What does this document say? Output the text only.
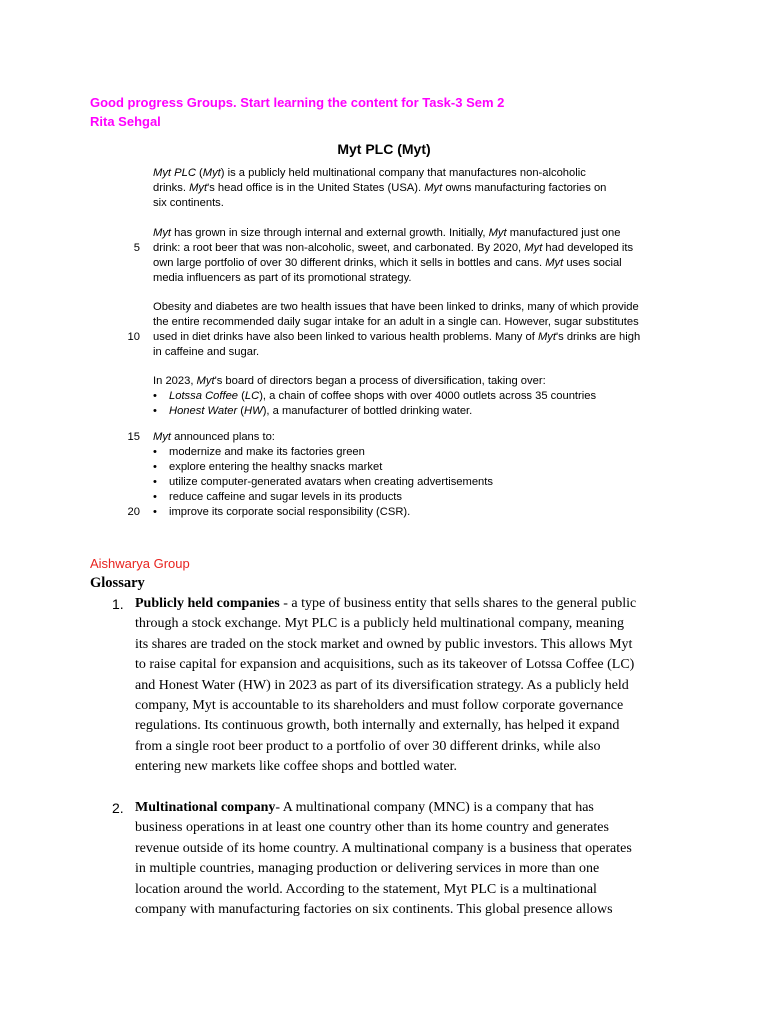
Good progress Groups. Start learning the content for Task-3 Sem 2
Rita Sehgal
Myt PLC (Myt)

Myt PLC (Myt) is a publicly held multinational company that manufactures non-alcoholic

drinks. Myt's head office is in the United States (USA). Myt owns manufacturing factories on

six continents.

Myt has grown in size through internal and external growth. Initially, Myt manufactured just one

drink: a root beer that was non-alcoholic, sweet, and carbonated. By 2020, Myt had developed its

own large portfolio of over 30 different drinks, which it sells in bottles and cans. Myt uses social

media influencers as part of its promotional strategy.

5

Obesity and diabetes are two health issues that have been linked to drinks, many of which provide

the entire recommended daily sugar intake for an adult in a single can. However, sugar substitutes

used in diet drinks have also been linked to various health problems. Many of Myt's drinks are high

in caffeine and sugar.

10

In 2023, Myt's board of directors began a process of diversification, taking over:

• Lotssa Coffee (LC), a chain of coffee shops with over 4000 outlets across 35 countries
• Honest Water (HW), a manufacturer of bottled drinking water.
15 Myt announced plans to:

• modernize and make its factories green
• explore entering the healthy snacks market
• utilize computer-generated avatars when creating advertisements
• reduce caffeine and sugar levels in its products
• improve its corporate social responsibility (CSR).
20
Aishwarya Group
Glossary
1. Publicly held companies - a type of business entity that sells shares to the general public

through a stock exchange. Myt PLC is a publicly held multinational company, meaning

its shares are traded on the stock market and owned by public investors. This allows Myt

to raise capital for expansion and acquisitions, such as its takeover of Lotssa Coffee (LC)

and Honest Water (HW) in 2023 as part of its diversification strategy. As a publicly held

company, Myt is accountable to its shareholders and must follow corporate governance

regulations. Its continuous growth, both internally and externally, has helped it expand

from a single root beer product to a portfolio of over 30 different drinks, while also

entering new markets like coffee shops and bottled water.

2. Multinational company- A multinational company (MNC) is a company that has

business operations in at least one country other than its home country and generates

revenue outside of its home country. A multinational company is a business that operates

in multiple countries, managing production or delivering services in more than one

location around the world. According to the statement, Myt PLC is a multinational

company with manufacturing factories on six continents. This global presence allows
